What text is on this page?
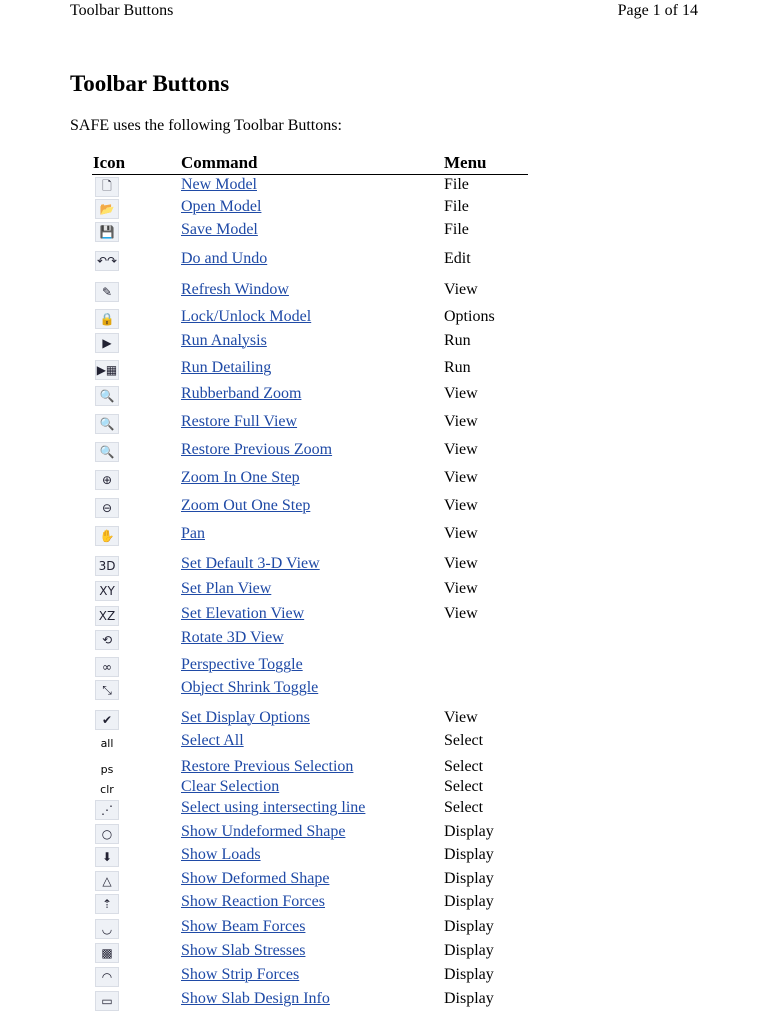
Toolbar Buttons	Page 1 of 14
Toolbar Buttons

SAFE uses the following Toolbar Buttons:

Icon	Command	Menu
🗋	New Model	File
📂	Open Model	File
💾	Save Model	File
↶↷	Do and Undo	Edit
✎	Refresh Window	View
🔒	Lock/Unlock Model	Options
▶	Run Analysis	Run
▶▦	Run Detailing	Run
🔍	Rubberband Zoom	View
🔍	Restore Full View	View
🔍	Restore Previous Zoom	View
⊕	Zoom In One Step	View
⊖	Zoom Out One Step	View
✋	Pan	View
3D	Set Default 3-D View	View
XY	Set Plan View	View
XZ	Set Elevation View	View
⟲	Rotate 3D View
∞	Perspective Toggle
⤡	Object Shrink Toggle
✔	Set Display Options	View
all	Select All	Select
ps	Restore Previous Selection	Select
clr	Clear Selection	Select
⋰	Select using intersecting line	Select
○	Show Undeformed Shape	Display
⬇	Show Loads	Display
△	Show Deformed Shape	Display
⇡	Show Reaction Forces	Display
◡	Show Beam Forces	Display
▩	Show Slab Stresses	Display
◠	Show Strip Forces	Display
▭	Show Slab Design Info	Display
